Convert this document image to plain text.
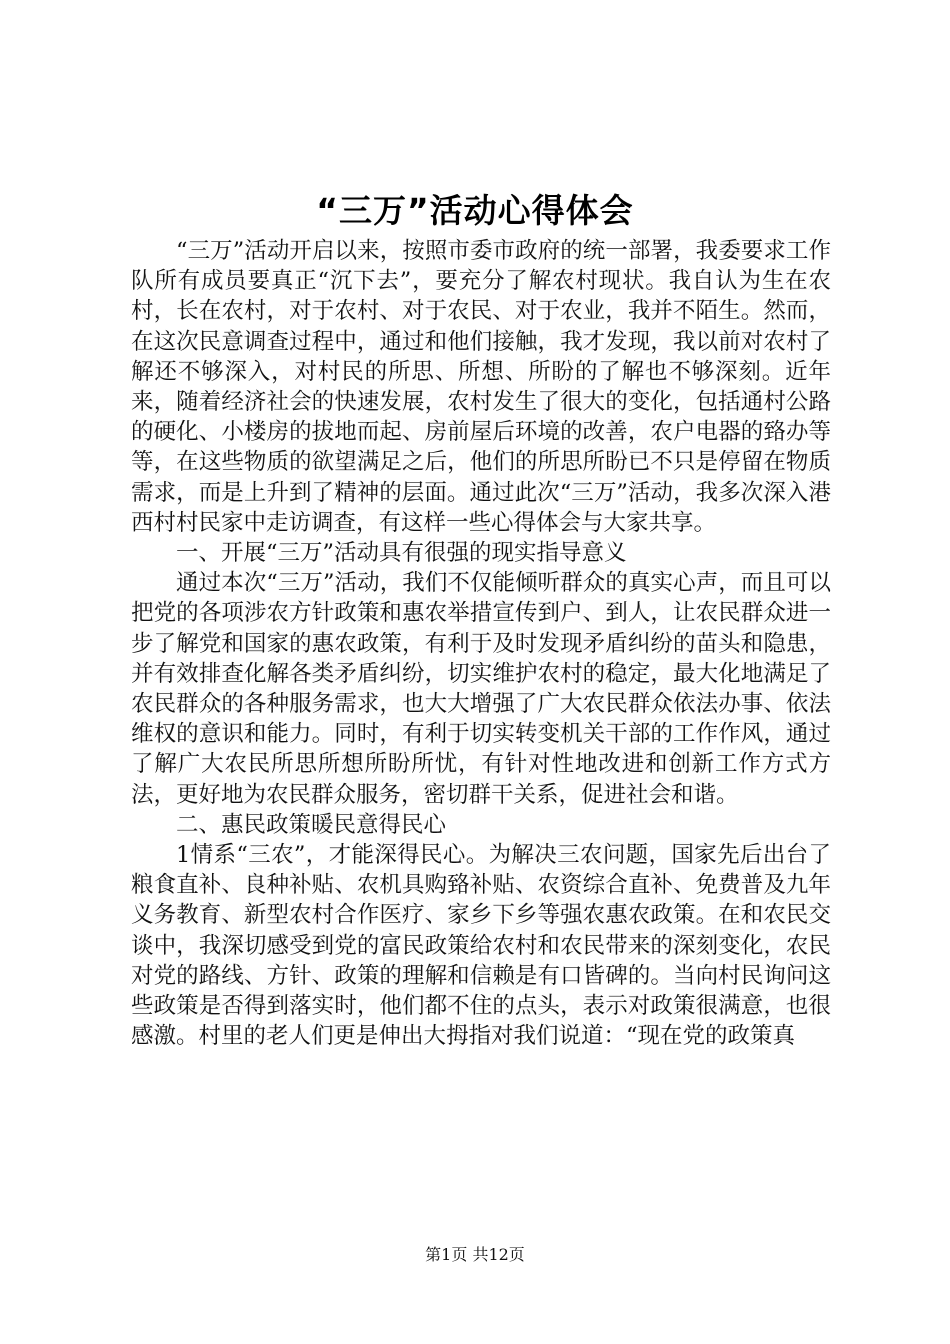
“三万”活动心得体会

“三万”活动开启以来，按照市委市政府的统一部署，我委要求工作队所有成员要真正“沉下去”，要充分了解农村现状。我自认为生在农村，长在农村，对于农村、对于农民、对于农业，我并不陌生。然而，在这次民意调查过程中，通过和他们接触，我才发现，我以前对农村了解还不够深入，对村民的所思、所想、所盼的了解也不够深刻。近年来，随着经济社会的快速发展，农村发生了很大的变化，包括通村公路的硬化、小楼房的拔地而起、房前屋后环境的改善，农户电器的臵办等等，在这些物质的欲望满足之后，他们的所思所盼已不只是停留在物质需求，而是上升到了精神的层面。通过此次“三万”活动，我多次深入港西村村民家中走访调查，有这样一些心得体会与大家共享。

一、开展“三万”活动具有很强的现实指导意义

通过本次“三万”活动，我们不仅能倾听群众的真实心声，而且可以把党的各项涉农方针政策和惠农举措宣传到户、到人，让农民群众进一步了解党和国家的惠农政策，有利于及时发现矛盾纠纷的苗头和隐患，并有效排查化解各类矛盾纠纷，切实维护农村的稳定，最大化地满足了农民群众的各种服务需求，也大大增强了广大农民群众依法办事、依法维权的意识和能力。同时，有利于切实转变机关干部的工作作风，通过了解广大农民所思所想所盼所忧，有针对性地改进和创新工作方式方法，更好地为农民群众服务，密切群干关系，促进社会和谐。

二、惠民政策暖民意得民心

1情系“三农”，才能深得民心。为解决三农问题，国家先后出台了粮食直补、良种补贴、农机具购臵补贴、农资综合直补、免费普及九年义务教育、新型农村合作医疗、家乡下乡等强农惠农政策。在和农民交谈中，我深切感受到党的富民政策给农村和农民带来的深刻变化，农民对党的路线、方针、政策的理解和信赖是有口皆碑的。当向村民询问这些政策是否得到落实时，他们都不住的点头，表示对政策很满意，也很感激。村里的老人们更是伸出大拇指对我们说道：“现在党的政策真

第1页 共12页
